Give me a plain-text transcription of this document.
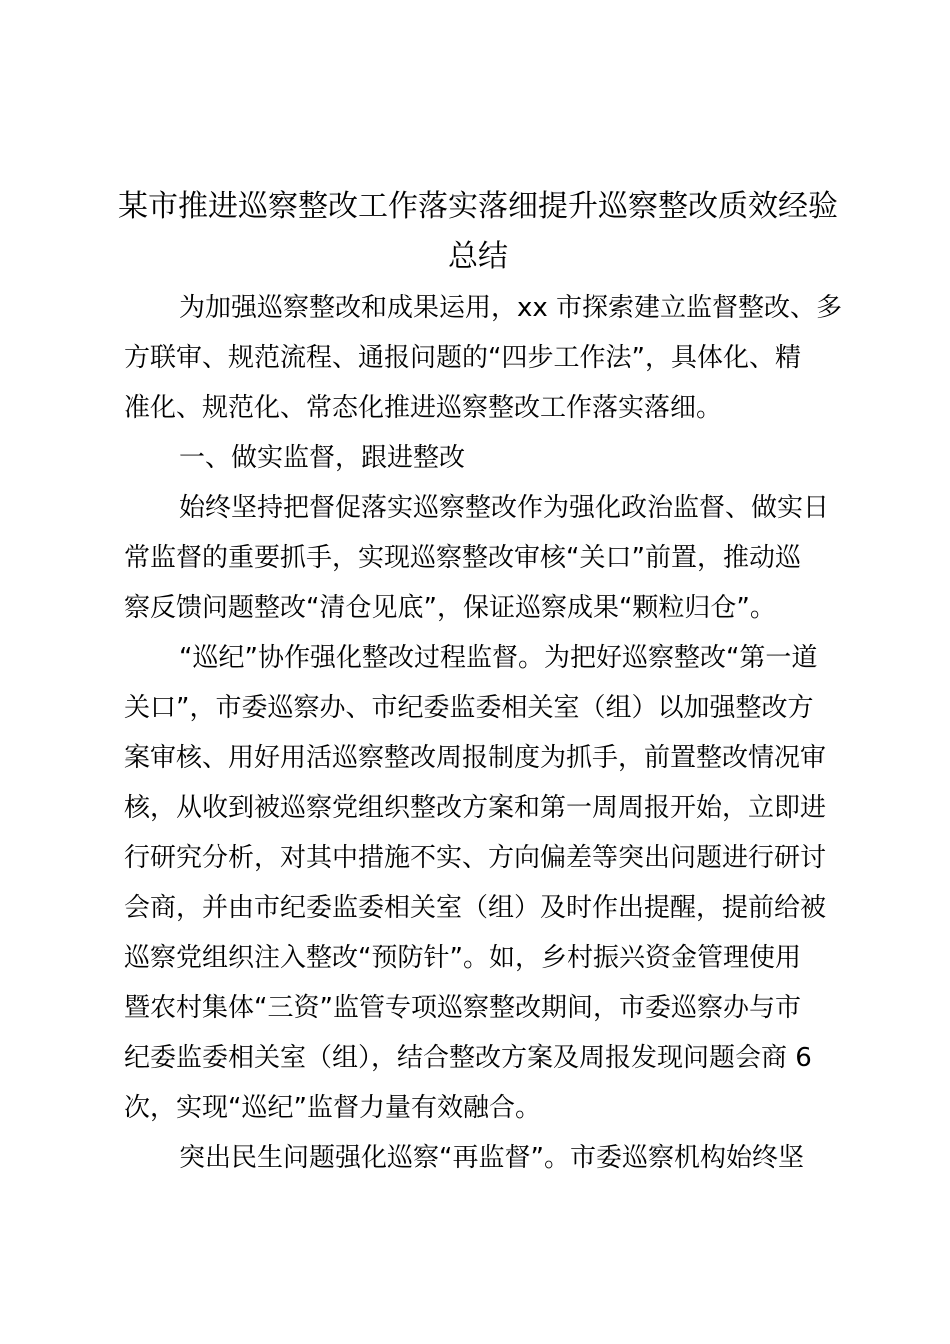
某市推进巡察整改工作落实落细提升巡察整改质效经验
总结
为加强巡察整改和成果运用，xx 市探索建立监督整改、多
方联审、规范流程、通报问题的“四步工作法”，具体化、精
准化、规范化、常态化推进巡察整改工作落实落细。
一、做实监督，跟进整改
始终坚持把督促落实巡察整改作为强化政治监督、做实日
常监督的重要抓手，实现巡察整改审核“关口”前置，推动巡
察反馈问题整改“清仓见底”，保证巡察成果“颗粒归仓”。
“巡纪”协作强化整改过程监督。为把好巡察整改“第一道
关口”，市委巡察办、市纪委监委相关室（组）以加强整改方
案审核、用好用活巡察整改周报制度为抓手，前置整改情况审
核，从收到被巡察党组织整改方案和第一周周报开始，立即进
行研究分析，对其中措施不实、方向偏差等突出问题进行研讨
会商，并由市纪委监委相关室（组）及时作出提醒，提前给被
巡察党组织注入整改“预防针”。如，乡村振兴资金管理使用
暨农村集体“三资”监管专项巡察整改期间，市委巡察办与市
纪委监委相关室（组），结合整改方案及周报发现问题会商 6
次，实现“巡纪”监督力量有效融合。
突出民生问题强化巡察“再监督”。市委巡察机构始终坚
